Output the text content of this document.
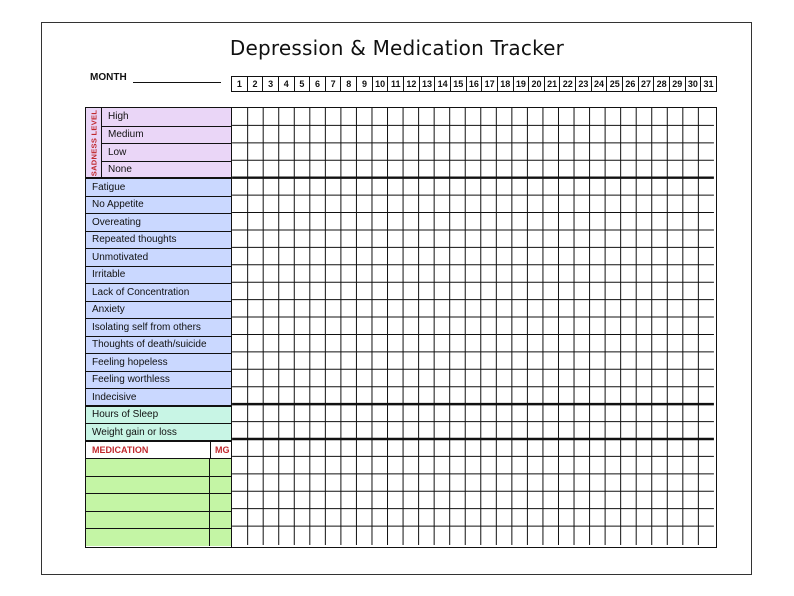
Depression & Medication Tracker
MONTH
1	2	3	4	5	6	7	8	9 10 11 12 13 14 15 16 17 18 19 20 21 22 23 24 25 26 27 28 29 30 31
SADNESS LEVEL	High
Medium
Low
None
Fatigue
No Appetite
Overeating
Repeated thoughts
Unmotivated
Irritable
Lack of Concentration
Anxiety
Isolating self from others
Thoughts of death/suicide
Feeling hopeless
Feeling worthless
Indecisive
Hours of Sleep
Weight gain or loss
MEDICATION	MG
